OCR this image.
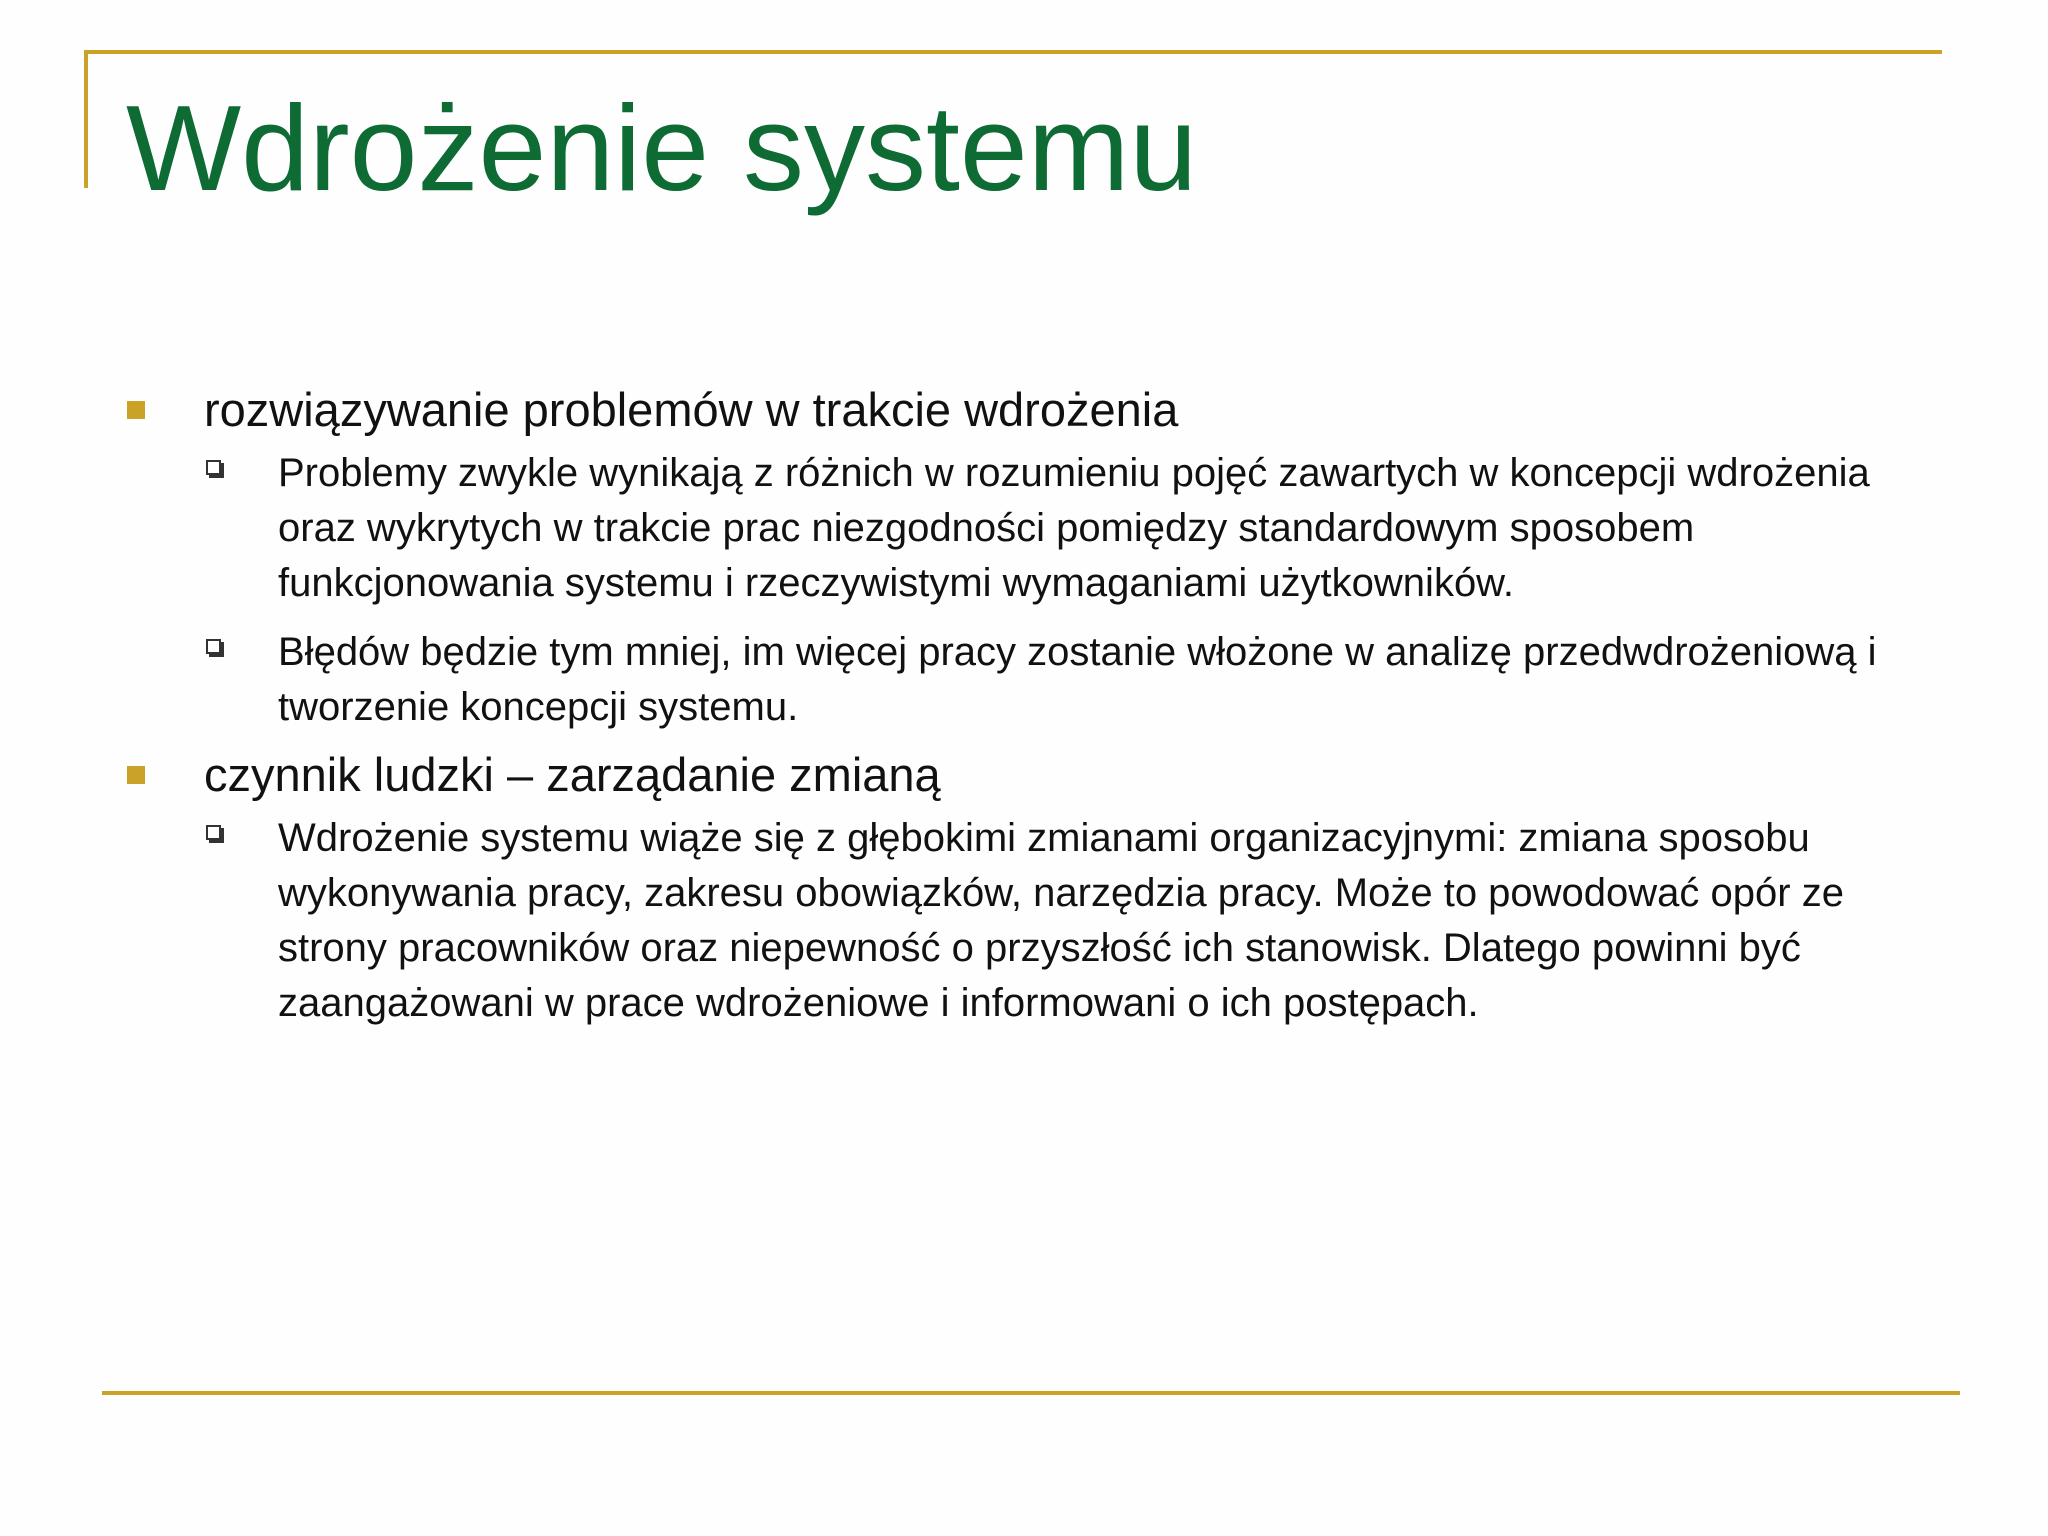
Wdrożenie systemu
rozwiązywanie problemów w trakcie wdrożenia
Problemy zwykle wynikają z różnich w rozumieniu pojęć zawartych w koncepcji wdrożenia oraz wykrytych w trakcie prac niezgodności pomiędzy standardowym sposobem funkcjonowania systemu i rzeczywistymi wymaganiami użytkowników.
Błędów będzie tym mniej, im więcej pracy zostanie włożone w analizę przedwdrożeniową i tworzenie koncepcji systemu.
czynnik ludzki – zarządanie zmianą
Wdrożenie systemu wiąże się z głębokimi zmianami organizacyjnymi: zmiana sposobu wykonywania pracy, zakresu obowiązków, narzędzia pracy. Może to powodować opór ze strony pracowników oraz niepewność o przyszłość ich stanowisk. Dlatego powinni być zaangażowani w prace wdrożeniowe i informowani o ich postępach.
